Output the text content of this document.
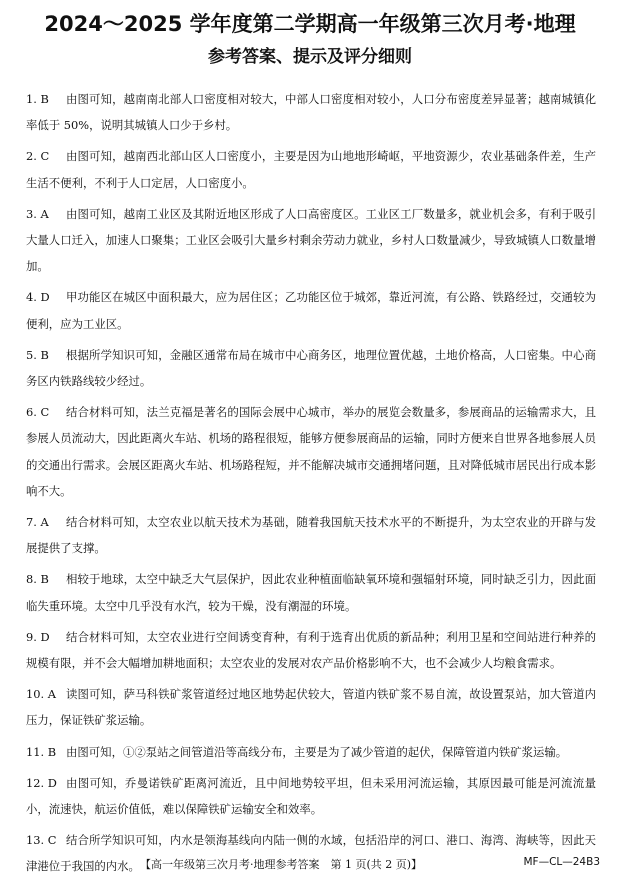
2024～2025 学年度第二学期高一年级第三次月考·地理
参考答案、提示及评分细则
1. B	由图可知，越南南北部人口密度相对较大，中部人口密度相对较小，人口分布密度差异显著；越南城镇化率低于 50%，说明其城镇人口少于乡村。
2. C	由图可知，越南西北部山区人口密度小，主要是因为山地地形崎岖，平地资源少，农业基础条件差，生产生活不便利，不利于人口定居，人口密度小。
3. A	由图可知，越南工业区及其附近地区形成了人口高密度区。工业区工厂数量多，就业机会多，有利于吸引大量人口迁入，加速人口聚集；工业区会吸引大量乡村剩余劳动力就业，乡村人口数量减少，导致城镇人口数量增加。
4. D	甲功能区在城区中面积最大，应为居住区；乙功能区位于城郊，靠近河流，有公路、铁路经过，交通较为便利，应为工业区。
5. B	根据所学知识可知，金融区通常布局在城市中心商务区，地理位置优越，土地价格高，人口密集。中心商务区内铁路线较少经过。
6. C	结合材料可知，法兰克福是著名的国际会展中心城市，举办的展览会数量多，参展商品的运输需求大，且参展人员流动大，因此距离火车站、机场的路程很短，能够方便参展商品的运输，同时方便来自世界各地参展人员的交通出行需求。会展区距离火车站、机场路程短，并不能解决城市交通拥堵问题，且对降低城市居民出行成本影响不大。
7. A	结合材料可知，太空农业以航天技术为基础，随着我国航天技术水平的不断提升，为太空农业的开辟与发展提供了支撑。
8. B	相较于地球，太空中缺乏大气层保护，因此农业种植面临缺氧环境和强辐射环境，同时缺乏引力，因此面临失重环境。太空中几乎没有水汽，较为干燥，没有潮湿的环境。
9. D	结合材料可知，太空农业进行空间诱变育种，有利于选育出优质的新品种；利用卫星和空间站进行种养的规模有限，并不会大幅增加耕地面积；太空农业的发展对农产品价格影响不大，也不会减少人均粮食需求。
10. A 读图可知，萨马科铁矿浆管道经过地区地势起伏较大，管道内铁矿浆不易自流，故设置泵站，加大管道内压力，保证铁矿浆运输。
11. B 由图可知，①②泵站之间管道沿等高线分布，主要是为了减少管道的起伏，保障管道内铁矿浆运输。
12. D 由图可知，乔曼诺铁矿距离河流近，且中间地势较平坦，但未采用河流运输，其原因最可能是河流流量小，流速快，航运价值低，难以保障铁矿运输安全和效率。
13. C 结合所学知识可知，内水是领海基线向内陆一侧的水域，包括沿岸的河口、港口、海湾、海峡等，因此天津港位于我国的内水。 【高一年级第三次月考·地理参考答案　第 1 页(共 2 页)】	MF—CL—24B3
